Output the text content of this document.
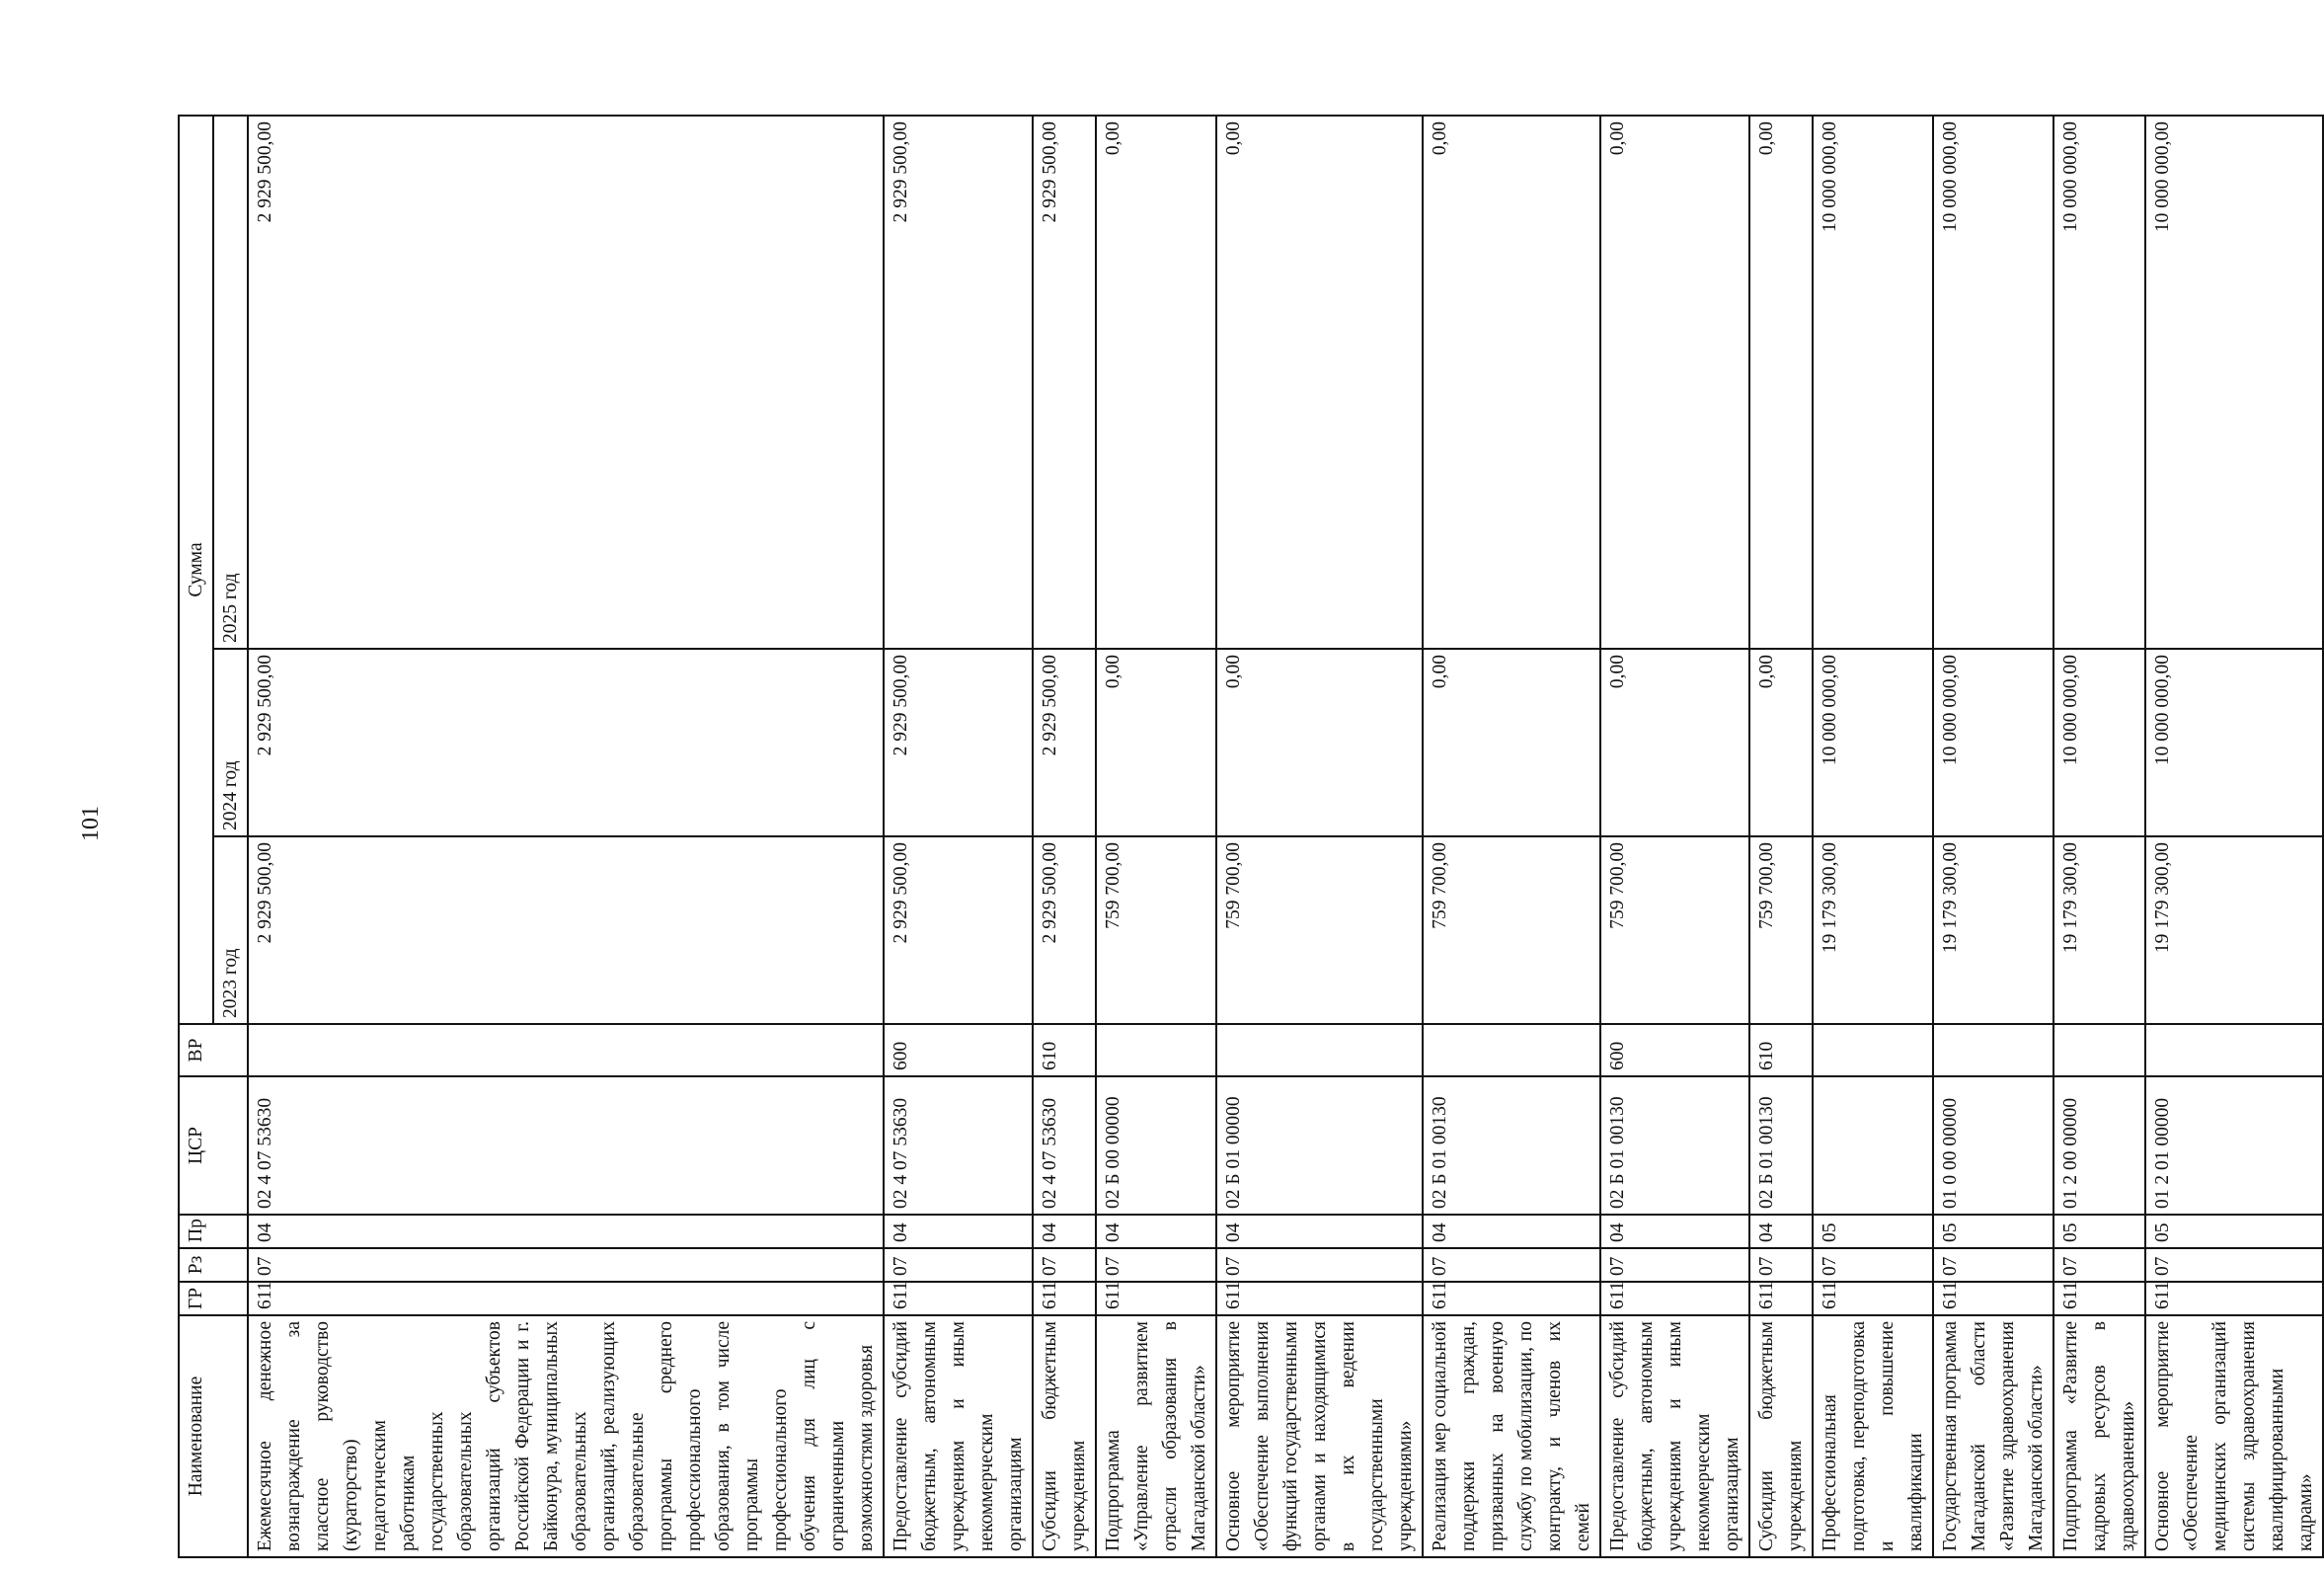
101
Наименование	ГР	Рз	Пр	ЦСР	ВР	Сумма		
						2023 год	2024 год	2025 год
Ежемесячное денежное вознаграждение за классное руководство (кураторство) педагогическим работникам государственных образовательных организаций субъектов Российской Федерации и г. Байконура, муниципальных образовательных организаций, реализующих образовательные программы среднего профессионального образования, в том числе программы профессионального обучения для лиц с ограниченными возможностями здоровья	611	07	04	02 4 07 53630		2 929 500,00	2 929 500,00	2 929 500,00
Предоставление субсидий бюджетным, автономным учреждениям и иным некоммерческим организациям	611	07	04	02 4 07 53630	600	2 929 500,00	2 929 500,00	2 929 500,00
Субсидии бюджетным учреждениям	611	07	04	02 4 07 53630	610	2 929 500,00	2 929 500,00	2 929 500,00
Подпрограмма «Управление развитием отрасли образования в Магаданской области»	611	07	04	02 Б 00 00000		759 700,00	0,00	0,00
Основное мероприятие «Обеспечение выполнения функций государственными органами и находящимися в их ведении государственными учреждениями»	611	07	04	02 Б 01 00000		759 700,00	0,00	0,00
Реализация мер социальной поддержки граждан, призванных на военную службу по мобилизации, по контракту, и членов их семей	611	07	04	02 Б 01 00130		759 700,00	0,00	0,00
Предоставление субсидий бюджетным, автономным учреждениям и иным некоммерческим организациям	611	07	04	02 Б 01 00130	600	759 700,00	0,00	0,00
Субсидии бюджетным учреждениям	611	07	04	02 Б 01 00130	610	759 700,00	0,00	0,00
Профессиональная подготовка, переподготовка и повышение квалификации	611	07	05			19 179 300,00	10 000 000,00	10 000 000,00
Государственная программа Магаданской области «Развитие здравоохранения Магаданской области»	611	07	05	01 0 00 00000		19 179 300,00	10 000 000,00	10 000 000,00
Подпрограмма «Развитие кадровых ресурсов в здравоохранении»	611	07	05	01 2 00 00000		19 179 300,00	10 000 000,00	10 000 000,00
Основное мероприятие «Обеспечение медицинских организаций системы здравоохранения квалифицированными кадрами»	611	07	05	01 2 01 00000		19 179 300,00	10 000 000,00	10 000 000,00
